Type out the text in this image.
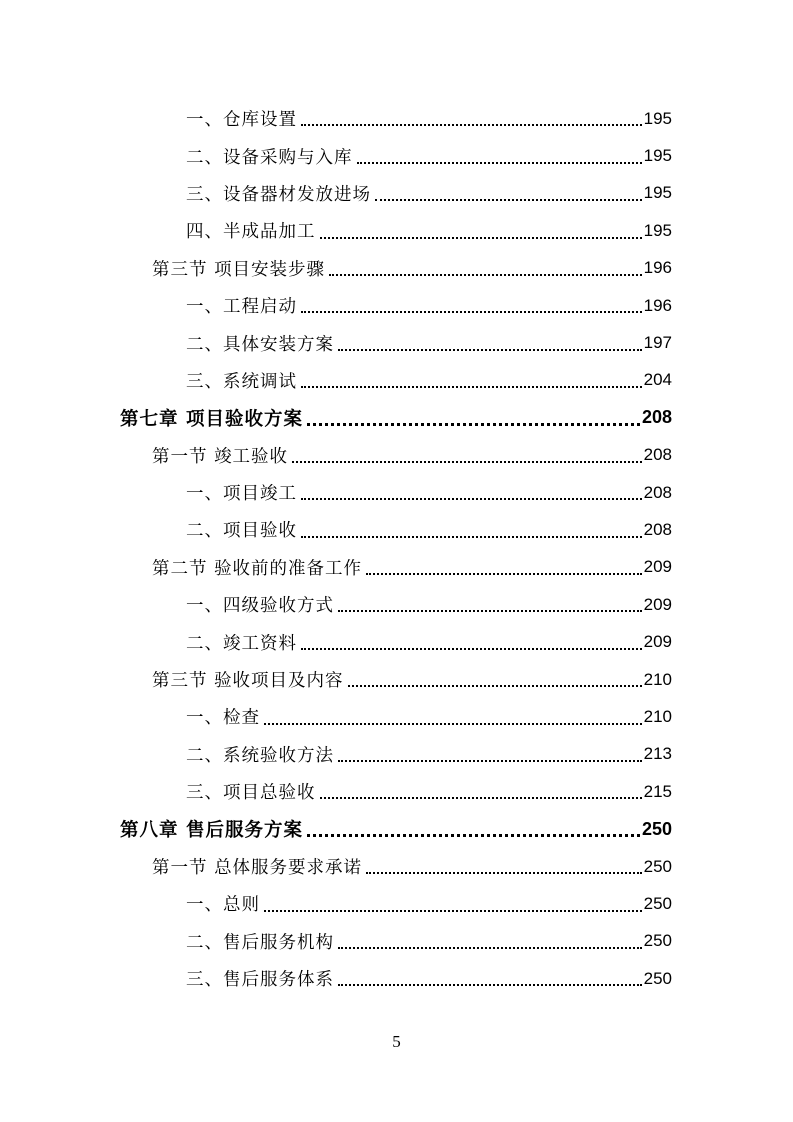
一、仓库设置	195
二、设备采购与入库	195
三、设备器材发放进场	195
四、半成品加工	195
第三节 项目安装步骤	196
一、工程启动	196
二、具体安装方案	197
三、系统调试	204
第七章 项目验收方案	208
第一节 竣工验收	208
一、项目竣工	208
二、项目验收	208
第二节 验收前的准备工作	209
一、四级验收方式	209
二、竣工资料	209
第三节 验收项目及内容	210
一、检查	210
二、系统验收方法	213
三、项目总验收	215
第八章 售后服务方案	250
第一节 总体服务要求承诺	250
一、总则	250
二、售后服务机构	250
三、售后服务体系	250
5
